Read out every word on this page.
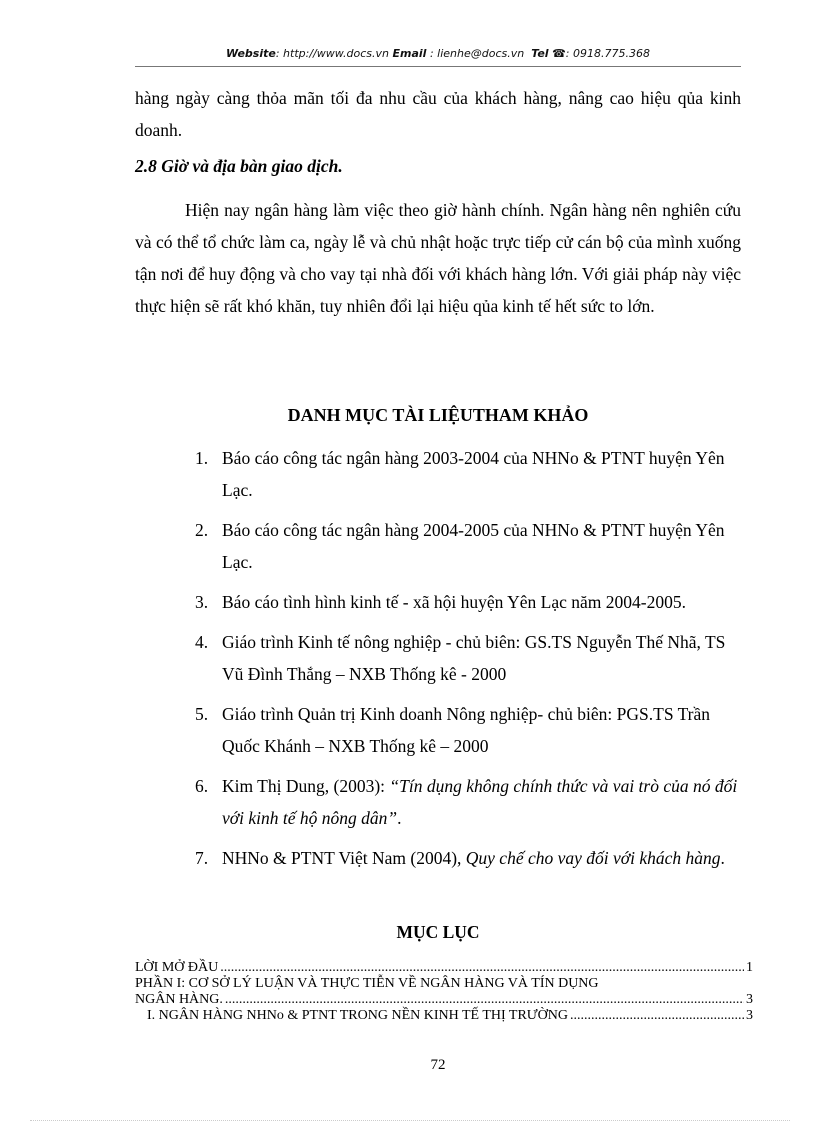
Website: http://www.docs.vn Email : lienhe@docs.vn Tel ☎: 0918.775.368
hàng ngày càng thỏa mãn tối đa nhu cầu của khách hàng, nâng cao hiệu qủa kinh doanh.
2.8 Giờ và địa bàn giao dịch.
Hiện nay ngân hàng làm việc theo giờ hành chính. Ngân hàng nên nghiên cứu và có thể tổ chức làm ca, ngày lễ và chủ nhật hoặc trực tiếp cử cán bộ của mình xuống tận nơi để huy động và cho vay tại nhà đối với khách hàng lớn. Với giải pháp này việc thực hiện sẽ rất khó khăn, tuy nhiên đổi lại hiệu qủa kinh tế hết sức to lớn.
DANH MỤC TÀI LIỆUTHAM KHẢO
1. Báo cáo công tác ngân hàng 2003-2004 của NHNo & PTNT huyện Yên Lạc.
2. Báo cáo công tác ngân hàng 2004-2005 của NHNo & PTNT huyện Yên Lạc.
3. Báo cáo tình hình kinh tế - xã hội huyện Yên Lạc năm 2004-2005.
4. Giáo trình Kinh tế nông nghiệp - chủ biên: GS.TS Nguyễn Thế Nhã, TS Vũ Đình Thắng – NXB Thống kê - 2000
5. Giáo trình Quản trị Kinh doanh Nông nghiệp- chủ biên: PGS.TS Trần Quốc Khánh – NXB Thống kê – 2000
6. Kim Thị Dung, (2003): “Tín dụng không chính thức và vai trò của nó đối với kinh tế hộ nông dân”.
7. NHNo & PTNT Việt Nam (2004), Quy chế cho vay đối với khách hàng.
MỤC LỤC
LỜI MỞ ĐẦU .....	1
PHẦN I: CƠ SỞ LÝ LUẬN VÀ THỰC TIỄN VỀ NGÂN HÀNG VÀ TÍN DỤNG
NGÂN HÀNG. .....	3
I. NGÂN HÀNG NHNo & PTNT TRONG NỀN KINH TẾ THỊ TRƯỜNG .....	3
72
